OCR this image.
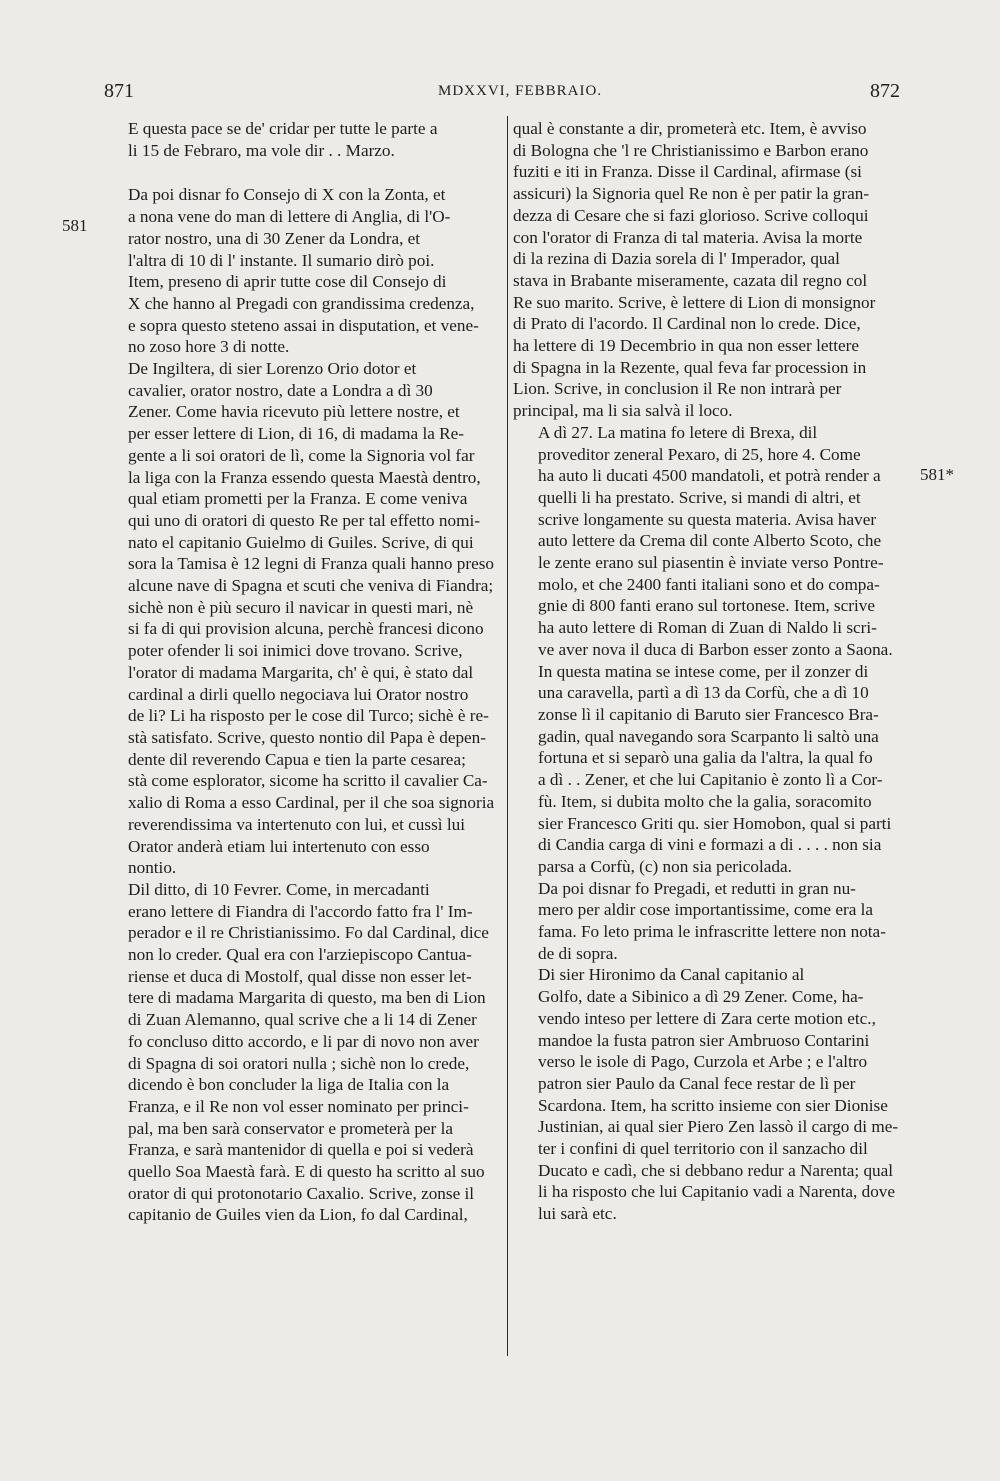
871	MDXXVI, FEBBRAIO.	872
581
581*

E questa pace se de' cridar per tutte le parte a
li 15 de Febraro, ma vole dir . . Marzo.

Da poi disnar fo Consejo di X con la Zonta, et
a nona vene do man di lettere di Anglia, di l'O-
rator nostro, una di 30 Zener da Londra, et
l'altra di 10 di l' instante. Il sumario dirò poi.

Item, preseno di aprir tutte cose dil Consejo di
X che hanno al Pregadi con grandissima credenza,
e sopra questo steteno assai in disputation, et vene-
no zoso hore 3 di notte.

De Ingiltera, di sier Lorenzo Orio dotor et
cavalier, orator nostro, date a Londra a dì 30
Zener. Come havia ricevuto più lettere nostre, et
per esser lettere di Lion, di 16, di madama la Re-
gente a li soi oratori de lì, come la Signoria vol far
la liga con la Franza essendo questa Maestà dentro,
qual etiam prometti per la Franza. E come veniva
qui uno di oratori di questo Re per tal effetto nomi-
nato el capitanio Guielmo di Guiles. Scrive, di qui
sora la Tamisa è 12 legni di Franza quali hanno preso
alcune nave di Spagna et scuti che veniva di Fiandra;
sichè non è più securo il navicar in questi mari, nè
si fa di qui provision alcuna, perchè francesi dicono
poter ofender li soi inimici dove trovano. Scrive,
l'orator di madama Margarita, ch' è qui, è stato dal
cardinal a dirli quello negociava lui Orator nostro
de li? Li ha risposto per le cose dil Turco; sichè è re-
stà satisfato. Scrive, questo nontio dil Papa è depen-
dente dil reverendo Capua e tien la parte cesarea;
stà come esplorator, sicome ha scritto il cavalier Ca-
xalio di Roma a esso Cardinal, per il che soa signoria
reverendissima va intertenuto con lui, et cussì lui
Orator anderà etiam lui intertenuto con esso
nontio.

Dil ditto, di 10 Fevrer. Come, in mercadanti
erano lettere di Fiandra di l'accordo fatto fra l' Im-
perador e il re Christianissimo. Fo dal Cardinal, dice
non lo creder. Qual era con l'arziepiscopo Cantua-
riense et duca di Mostolf, qual disse non esser let-
tere di madama Margarita di questo, ma ben di Lion
di Zuan Alemanno, qual scrive che a li 14 di Zener
fo concluso ditto accordo, e li par di novo non aver
di Spagna di soi oratori nulla ; sichè non lo crede,
dicendo è bon concluder la liga de Italia con la
Franza, e il Re non vol esser nominato per princi-
pal, ma ben sarà conservator e prometerà per la
Franza, e sarà mantenidor di quella e poi si vederà
quello Soa Maestà farà. E di questo ha scritto al suo
orator di qui protonotario Caxalio. Scrive, zonse il
capitanio de Guiles vien da Lion, fo dal Cardinal,

qual è constante a dir, prometerà etc. Item, è avviso
di Bologna che 'l re Christianissimo e Barbon erano
fuziti e iti in Franza. Disse il Cardinal, afirmase (si
assicuri) la Signoria quel Re non è per patir la gran-
dezza di Cesare che si fazi glorioso. Scrive colloqui
con l'orator di Franza di tal materia. Avisa la morte
di la rezina di Dazia sorela di l' Imperador, qual
stava in Brabante miseramente, cazata dil regno col
Re suo marito. Scrive, è lettere di Lion di monsignor
di Prato di l'acordo. Il Cardinal non lo crede. Dice,
ha lettere di 19 Decembrio in qua non esser lettere
di Spagna in la Rezente, qual feva far procession in
Lion. Scrive, in conclusion il Re non intrarà per
principal, ma li sia salvà il loco.

A dì 27. La matina fo letere di Brexa, dil
proveditor zeneral Pexaro, di 25, hore 4. Come
ha auto li ducati 4500 mandatoli, et potrà render a
quelli li ha prestato. Scrive, si mandi di altri, et
scrive longamente su questa materia. Avisa haver
auto lettere da Crema dil conte Alberto Scoto, che
le zente erano sul piasentin è inviate verso Pontre-
molo, et che 2400 fanti italiani sono et do compa-
gnie di 800 fanti erano sul tortonese. Item, scrive
ha auto lettere di Roman di Zuan di Naldo li scri-
ve aver nova il duca di Barbon esser zonto a Saona.

In questa matina se intese come, per il zonzer di
una caravella, partì a dì 13 da Corfù, che a dì 10
zonse lì il capitanio di Baruto sier Francesco Bra-
gadin, qual navegando sora Scarpanto li saltò una
fortuna et si separò una galia da l'altra, la qual fo
a dì . . Zener, et che lui Capitanio è zonto lì a Cor-
fù. Item, si dubita molto che la galia, soracomito
sier Francesco Griti qu. sier Homobon, qual si parti
di Candia carga di vini e formazi a di . . . . non sia
parsa a Corfù, (c) non sia pericolada.

Da poi disnar fo Pregadi, et redutti in gran nu-
mero per aldir cose importantissime, come era la
fama. Fo leto prima le infrascritte lettere non nota-
de di sopra.

Di sier Hironimo da Canal capitanio al
Golfo, date a Sibinico a dì 29 Zener. Come, ha-
vendo inteso per lettere di Zara certe motion etc.,
mandoe la fusta patron sier Ambruoso Contarini
verso le isole di Pago, Curzola et Arbe ; e l'altro
patron sier Paulo da Canal fece restar de lì per
Scardona. Item, ha scritto insieme con sier Dionise
Justinian, ai qual sier Piero Zen lassò il cargo di me-
ter i confini di quel territorio con il sanzacho dil
Ducato e cadì, che si debbano redur a Narenta; qual
li ha risposto che lui Capitanio vadi a Narenta, dove
lui sarà etc.
